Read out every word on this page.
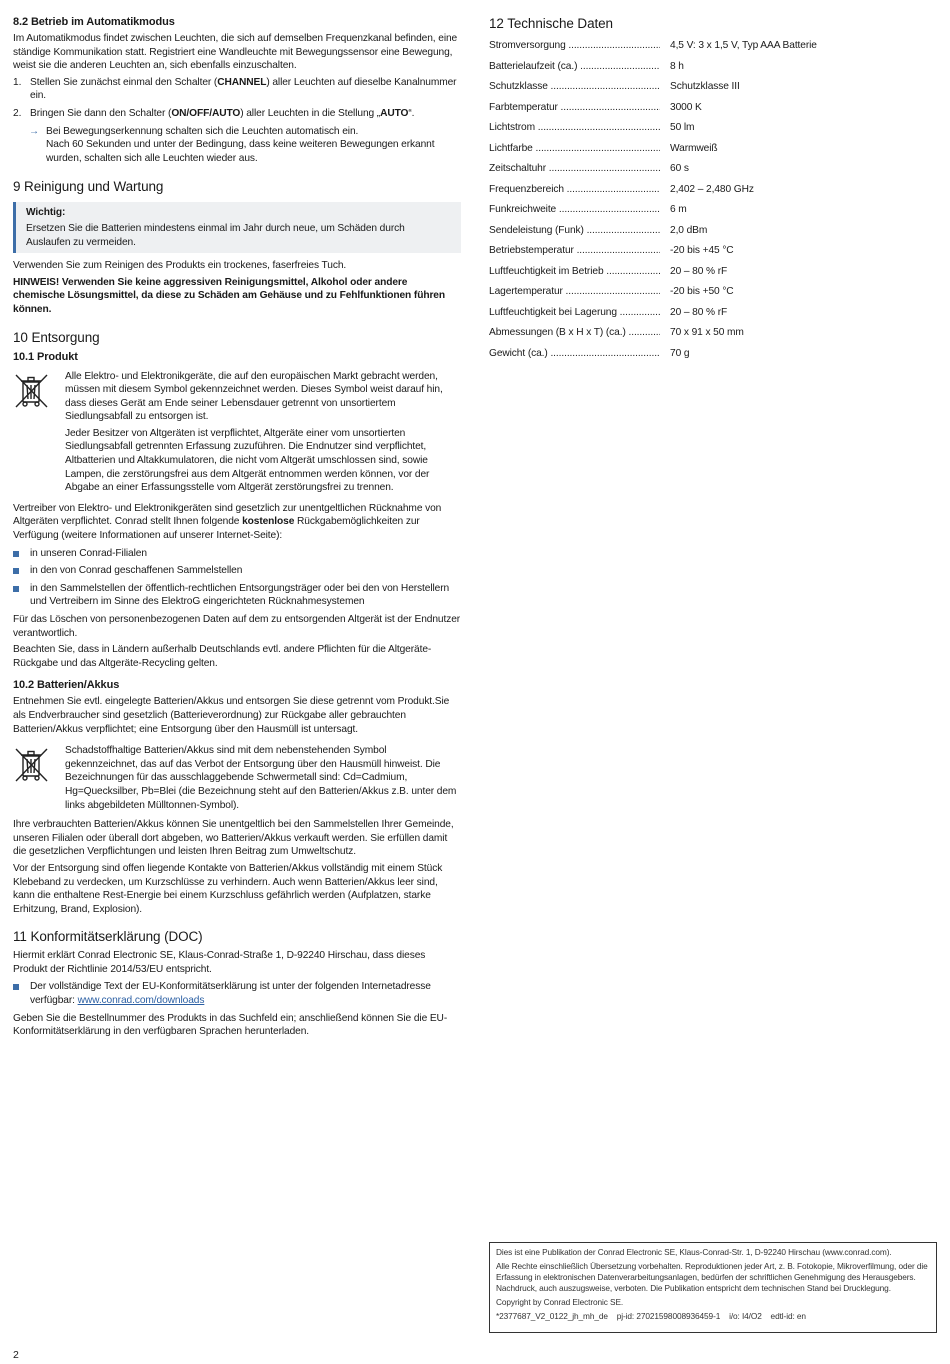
8.2 Betrieb im Automatikmodus

Im Automatikmodus findet zwischen Leuchten, die sich auf demselben Frequenzkanal befinden, eine ständige Kommunikation statt. Registriert eine Wandleuchte mit Bewegungssensor eine Bewegung, weist sie die anderen Leuchten an, sich ebenfalls einzuschalten.

1. Stellen Sie zunächst einmal den Schalter (CHANNEL) aller Leuchten auf dieselbe Kanalnummer ein.
2. Bringen Sie dann den Schalter (ON/OFF/AUTO) aller Leuchten in die Stellung „AUTO“.
→ Bei Bewegungserkennung schalten sich die Leuchten automatisch ein.

Nach 60 Sekunden und unter der Bedingung, dass keine weiteren Bewegungen erkannt wurden, schalten sich alle Leuchten wieder aus.

9 Reinigung und Wartung

Wichtig:

Ersetzen Sie die Batterien mindestens einmal im Jahr durch neue, um Schäden durch Auslaufen zu vermeiden.

Verwenden Sie zum Reinigen des Produkts ein trockenes, faserfreies Tuch.

HINWEIS! Verwenden Sie keine aggressiven Reinigungsmittel, Alkohol oder andere chemische Lösungsmittel, da diese zu Schäden am Gehäuse und zu Fehlfunktionen führen können.

10 Entsorgung
10.1 Produkt

Alle Elektro- und Elektronikgeräte, die auf den europäischen Markt gebracht werden, müssen mit diesem Symbol gekennzeichnet werden. Dieses Symbol weist darauf hin, dass dieses Gerät am Ende seiner Lebensdauer getrennt von unsortiertem Siedlungsabfall zu entsorgen ist.

Jeder Besitzer von Altgeräten ist verpflichtet, Altgeräte einer vom unsortierten Siedlungsabfall getrennten Erfassung zuzuführen. Die Endnutzer sind verpflichtet, Altbatterien und Altakkumulatoren, die nicht vom Altgerät umschlossen sind, sowie Lampen, die zerstörungsfrei aus dem Altgerät entnommen werden können, vor der Abgabe an einer Erfassungsstelle vom Altgerät zerstörungsfrei zu trennen.

Vertreiber von Elektro- und Elektronikgeräten sind gesetzlich zur unentgeltlichen Rücknahme von Altgeräten verpflichtet. Conrad stellt Ihnen folgende kostenlose Rückgabemöglichkeiten zur Verfügung (weitere Informationen auf unserer Internet-Seite):

in unseren Conrad-Filialen
in den von Conrad geschaffenen Sammelstellen
in den Sammelstellen der öffentlich-rechtlichen Entsorgungsträger oder bei den von Herstellern und Vertreibern im Sinne des ElektroG eingerichteten Rücknahmesystemen

Für das Löschen von personenbezogenen Daten auf dem zu entsorgenden Altgerät ist der Endnutzer verantwortlich.

Beachten Sie, dass in Ländern außerhalb Deutschlands evtl. andere Pflichten für die Altgeräte-Rückgabe und das Altgeräte-Recycling gelten.

10.2 Batterien/Akkus

Entnehmen Sie evtl. eingelegte Batterien/Akkus und entsorgen Sie diese getrennt vom Produkt.Sie als Endverbraucher sind gesetzlich (Batterieverordnung) zur Rückgabe aller gebrauchten Batterien/Akkus verpflichtet; eine Entsorgung über den Hausmüll ist untersagt.

Schadstoffhaltige Batterien/Akkus sind mit dem nebenstehenden Symbol gekennzeichnet, das auf das Verbot der Entsorgung über den Hausmüll hinweist. Die Bezeichnungen für das ausschlaggebende Schwermetall sind: Cd=Cadmium, Hg=Quecksilber, Pb=Blei (die Bezeichnung steht auf den Batterien/Akkus z.B. unter dem links abgebildeten Mülltonnen-Symbol).

Ihre verbrauchten Batterien/Akkus können Sie unentgeltlich bei den Sammelstellen Ihrer Gemeinde, unseren Filialen oder überall dort abgeben, wo Batterien/Akkus verkauft werden. Sie erfüllen damit die gesetzlichen Verpflichtungen und leisten Ihren Beitrag zum Umweltschutz.

Vor der Entsorgung sind offen liegende Kontakte von Batterien/Akkus vollständig mit einem Stück Klebeband zu verdecken, um Kurzschlüsse zu verhindern. Auch wenn Batterien/Akkus leer sind, kann die enthaltene Rest-Energie bei einem Kurzschluss gefährlich werden (Aufplatzen, starke Erhitzung, Brand, Explosion).

11 Konformitätserklärung (DOC)

Hiermit erklärt Conrad Electronic SE, Klaus-Conrad-Straße 1, D-92240 Hirschau, dass dieses Produkt der Richtlinie 2014/53/EU entspricht.

Der vollständige Text der EU-Konformitätserklärung ist unter der folgenden Internetadresse verfügbar: www.conrad.com/downloads

Geben Sie die Bestellnummer des Produkts in das Suchfeld ein; anschließend können Sie die EU-Konformitätserklärung in den verfügbaren Sprachen herunterladen.

12 Technische Daten
Stromversorgung .....	4,5 V: 3 x 1,5 V, Typ AAA Batterie
Batterielaufzeit (ca.) .....	8 h
Schutzklasse .....	Schutzklasse III
Farbtemperatur .....	3000 K
Lichtstrom .....	50 lm
Lichtfarbe .....	Warmweiß
Zeitschaltuhr .....	60 s
Frequenzbereich .....	2,402 – 2,480 GHz
Funkreichweite .....	6 m
Sendeleistung (Funk) .....	2,0 dBm
Betriebstemperatur .....	-20 bis +45 °C
Luftfeuchtigkeit im Betrieb .....	20 – 80 % rF
Lagertemperatur .....	-20 bis +50 °C
Luftfeuchtigkeit bei Lagerung .....	20 – 80 % rF
Abmessungen (B x H x T) (ca.) .....	70 x 91 x 50 mm
Gewicht (ca.) .....	70 g

Dies ist eine Publikation der Conrad Electronic SE, Klaus-Conrad-Str. 1, D-92240 Hirschau (www.conrad.com).

Alle Rechte einschließlich Übersetzung vorbehalten. Reproduktionen jeder Art, z. B. Fotokopie, Mikroverfilmung, oder die Erfassung in elektronischen Datenverarbeitungsanlagen, bedürfen der schriftlichen Genehmigung des Herausgebers. Nachdruck, auch auszugsweise, verboten. Die Publikation entspricht dem technischen Stand bei Drucklegung.

Copyright by Conrad Electronic SE.

*2377687_V2_0122_jh_mh_de    pj-id: 27021598008936459-1    i/o: I4/O2    edtl-id: en

2
